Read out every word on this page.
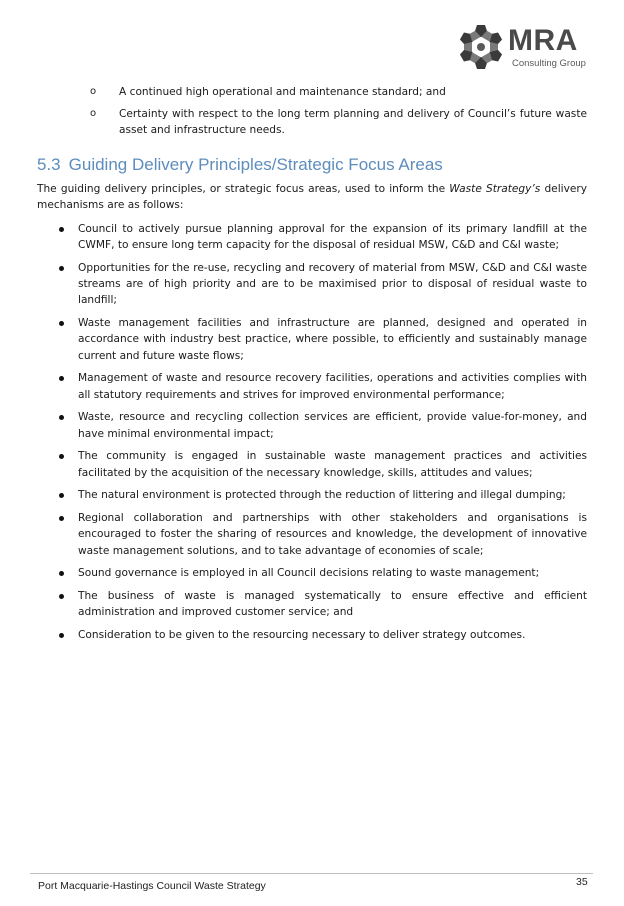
MRA
Consulting Group
o A continued high operational and maintenance standard; and
o Certainty with respect to the long term planning and delivery of Council’s future waste asset and infrastructure needs.
5.3 Guiding Delivery Principles/Strategic Focus Areas

The guiding delivery principles, or strategic focus areas, used to inform the Waste Strategy’s delivery mechanisms are as follows:

Council to actively pursue planning approval for the expansion of its primary landfill at the CWMF, to ensure long term capacity for the disposal of residual MSW, C&D and C&I waste;
Opportunities for the re-use, recycling and recovery of material from MSW, C&D and C&I waste streams are of high priority and are to be maximised prior to disposal of residual waste to landfill;
Waste management facilities and infrastructure are planned, designed and operated in accordance with industry best practice, where possible, to efficiently and sustainably manage current and future waste flows;
Management of waste and resource recovery facilities, operations and activities complies with all statutory requirements and strives for improved environmental performance;
Waste, resource and recycling collection services are efficient, provide value-for-money, and have minimal environmental impact;
The community is engaged in sustainable waste management practices and activities facilitated by the acquisition of the necessary knowledge, skills, attitudes and values;
The natural environment is protected through the reduction of littering and illegal dumping;
Regional collaboration and partnerships with other stakeholders and organisations is encouraged to foster the sharing of resources and knowledge, the development of innovative waste management solutions, and to take advantage of economies of scale;
Sound governance is employed in all Council decisions relating to waste management;
The business of waste is managed systematically to ensure effective and efficient administration and improved customer service; and
Consideration to be given to the resourcing necessary to deliver strategy outcomes.
Port Macquarie-Hastings Council Waste Strategy	35
